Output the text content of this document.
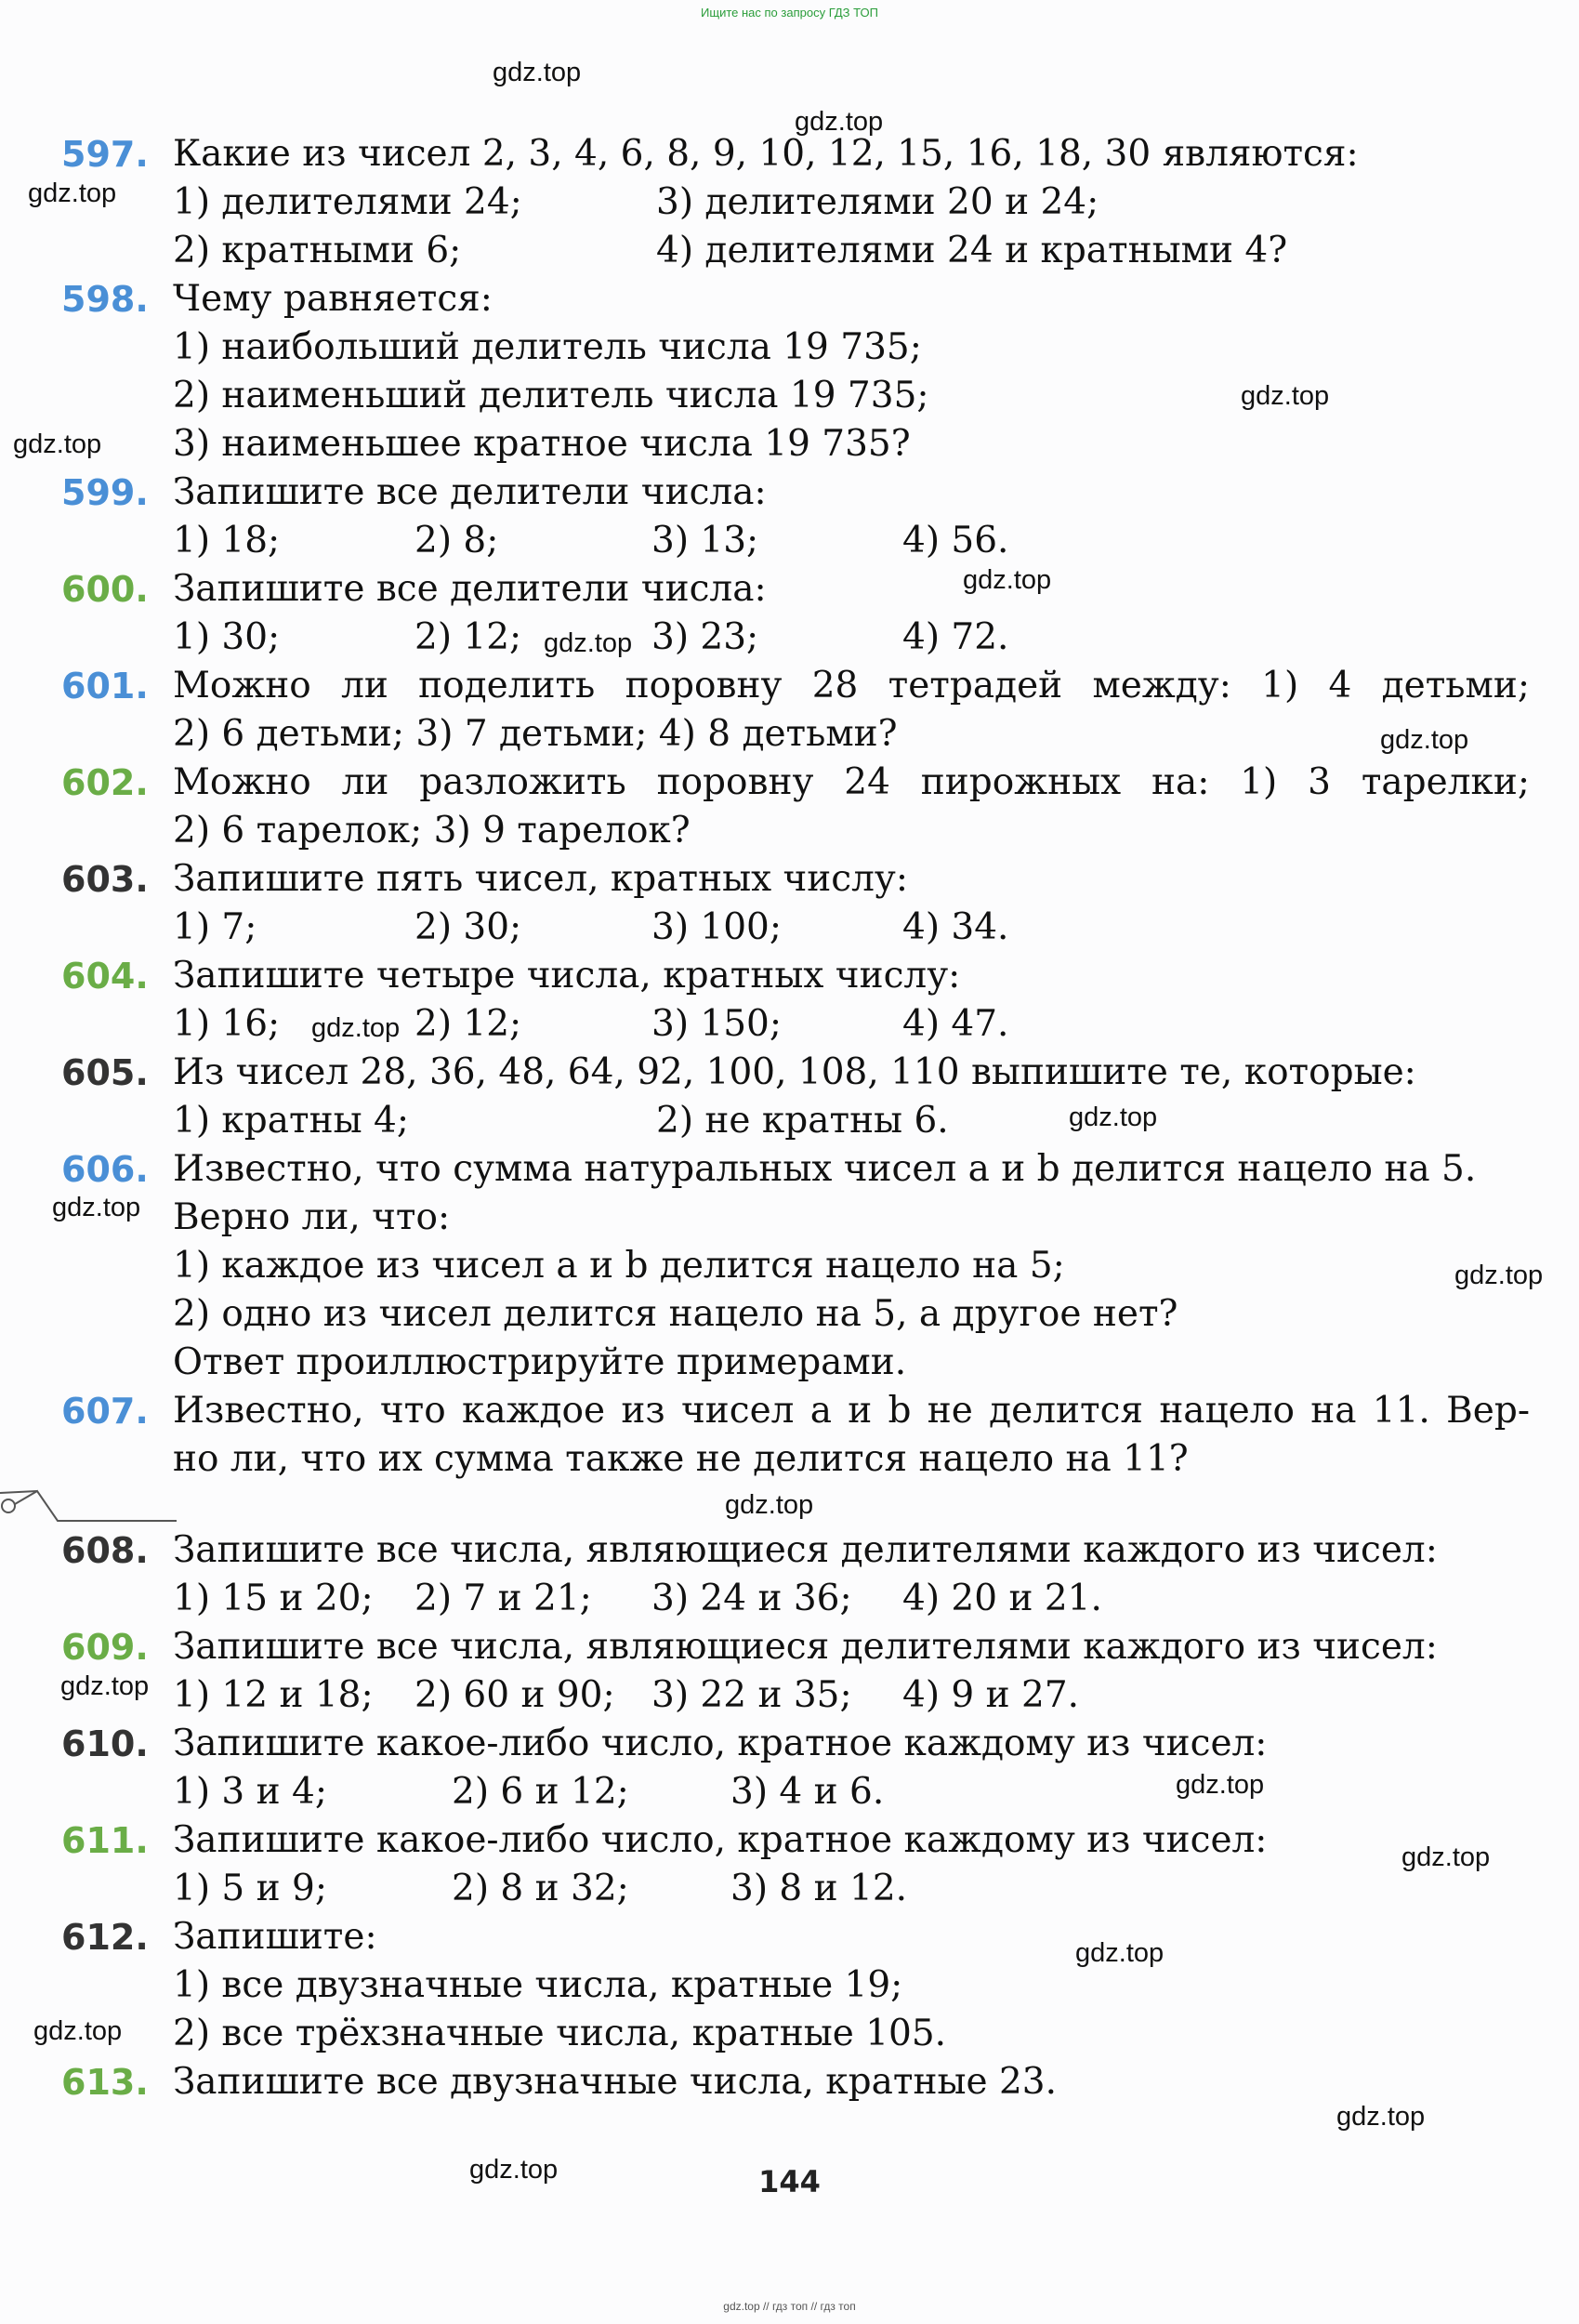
Ищите нас по запросу ГДЗ ТОП
597. Какие из чисел 2, 3, 4, 6, 8, 9, 10, 12, 15, 16, 18, 30 являются:
1) делителями 24;	3) делителями 20 и 24;
2) кратными 6;	4) делителями 24 и кратными 4?
598. Чему равняется:
1) наибольший делитель числа 19 735;
2) наименьший делитель числа 19 735;
3) наименьшее кратное числа 19 735?
599. Запишите все делители числа:
1) 18;	2) 8;	3) 13;	4) 56.
600. Запишите все делители числа:
1) 30;	2) 12;	3) 23;	4) 72.
601. Можно ли поделить поровну 28 тетрадей между: 1) 4 детьми;
2) 6 детьми; 3) 7 детьми; 4) 8 детьми?
602. Можно ли разложить поровну 24 пирожных на: 1) 3 тарелки;
2) 6 тарелок; 3) 9 тарелок?
603. Запишите пять чисел, кратных числу:
1) 7;	2) 30;	3) 100;	4) 34.
604. Запишите четыре числа, кратных числу:
1) 16;	2) 12;	3) 150;	4) 47.
605. Из чисел 28, 36, 48, 64, 92, 100, 108, 110 выпишите те, которые:
1) кратны 4;	2) не кратны 6.
606. Известно, что сумма натуральных чисел a и b делится нацело на 5.
Верно ли, что:
1) каждое из чисел a и b делится нацело на 5;
2) одно из чисел делится нацело на 5, а другое нет?
Ответ проиллюстрируйте примерами.
607. Известно, что каждое из чисел a и b не делится нацело на 11. Вер-
но ли, что их сумма также не делится нацело на 11?
608. Запишите все числа, являющиеся делителями каждого из чисел:
1) 15 и 20;	2) 7 и 21;	3) 24 и 36;	4) 20 и 21.
609. Запишите все числа, являющиеся делителями каждого из чисел:
1) 12 и 18;	2) 60 и 90;	3) 22 и 35;	4) 9 и 27.
610. Запишите какое-либо число, кратное каждому из чисел:
1) 3 и 4;	2) 6 и 12;	3) 4 и 6.
611. Запишите какое-либо число, кратное каждому из чисел:
1) 5 и 9;	2) 8 и 32;	3) 8 и 12.
612. Запишите:
1) все двузначные числа, кратные 19;
2) все трёхзначные числа, кратные 105.
613. Запишите все двузначные числа, кратные 23.
144
gdz.top // гдз топ // гдз топ
gdz.top
gdz.top
gdz.top
gdz.top
gdz.top
gdz.top
gdz.top
gdz.top
gdz.top
gdz.top
gdz.top
gdz.top
gdz.top
gdz.top
gdz.top
gdz.top
gdz.top
gdz.top
gdz.top
gdz.top
